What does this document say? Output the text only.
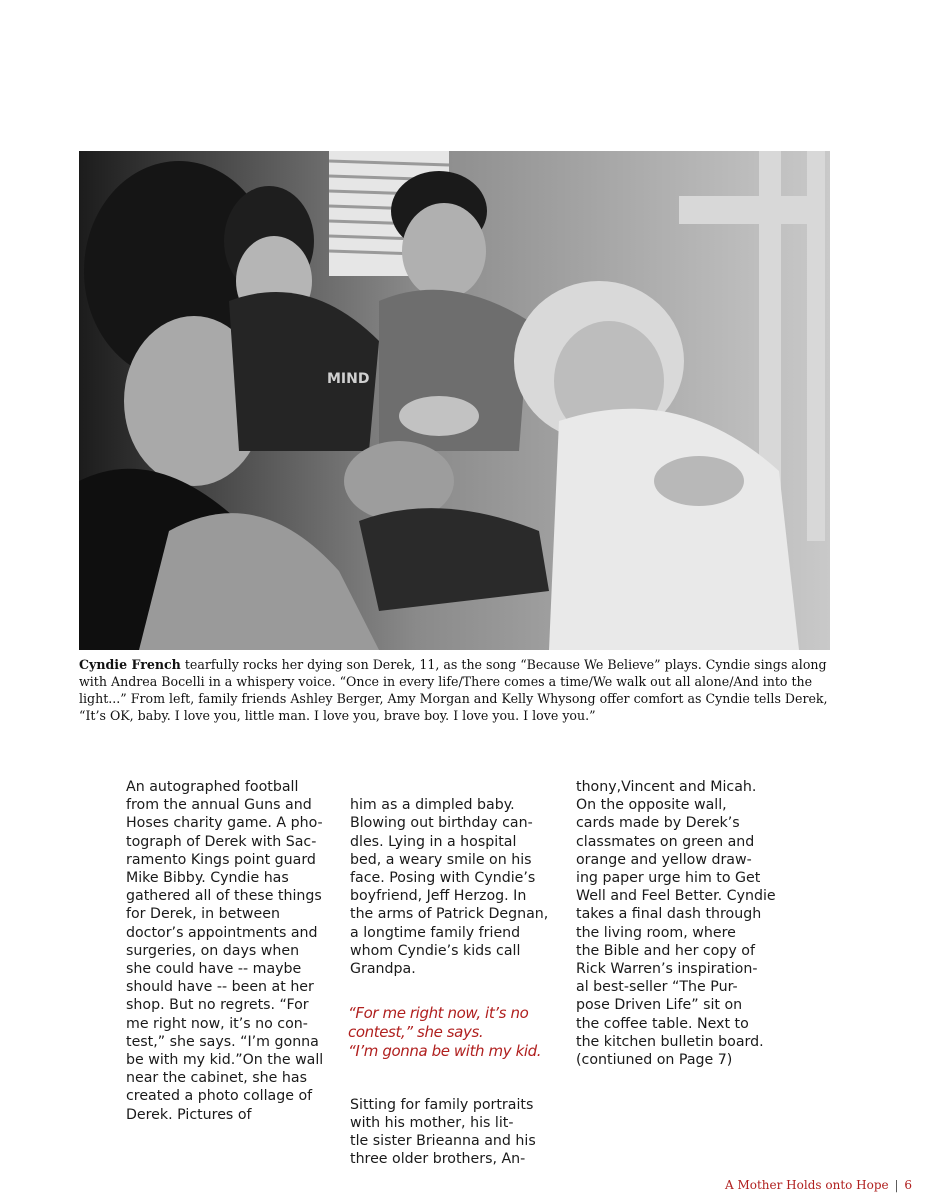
MIND
Cyndie French tearfully rocks her dying son Derek, 11, as the song “Because We Believe” plays. Cyndie sings along with Andrea Bocelli in a whispery voice. “Once in every life/There comes a time/We walk out all alone/And into the light...” From left, family friends Ashley Berger, Amy Morgan and Kelly Whysong offer comfort as Cyndie tells Derek, “It’s OK, baby. I love you, little man. I love you, brave boy. I love you. I love you.”
An autographed football
from the annual Guns and
Hoses charity game. A pho-
tograph of Derek with Sac-
ramento Kings point guard
Mike Bibby. Cyndie has
gathered all of these things
for Derek, in between
doctor’s appointments and
surgeries, on days when
she could have -- maybe
should have -- been at her
shop. But no regrets. “For
me right now, it’s no con-
test,” she says. “I’m gonna
be with my kid.”On the wall
near the cabinet, she has
created a photo collage of
Derek. Pictures of

him as a dimpled baby.
Blowing out birthday can-
dles. Lying in a hospital
bed, a weary smile on his
face. Posing with Cyndie’s
boyfriend, Jeff Herzog. In
the arms of Patrick Degnan,
a longtime family friend
whom Cyndie’s kids call
Grandpa.

“For me right now, it’s no
contest,” she says.
“I’m gonna be with my kid.

Sitting for family portraits
with his mother, his lit-
tle sister Brieanna and his
three older brothers, An-

thony,Vincent and Micah.
On the opposite wall,
cards made by Derek’s
classmates on green and
orange and yellow draw-
ing paper urge him to Get
Well and Feel Better. Cyndie
takes a final dash through
the living room, where
the Bible and her copy of
Rick Warren’s inspiration-
al best-seller “The Pur-
pose Driven Life” sit on
the coffee table. Next to
the kitchen bulletin board.
(contiuned on Page 7)
A Mother Holds onto Hope | 6
